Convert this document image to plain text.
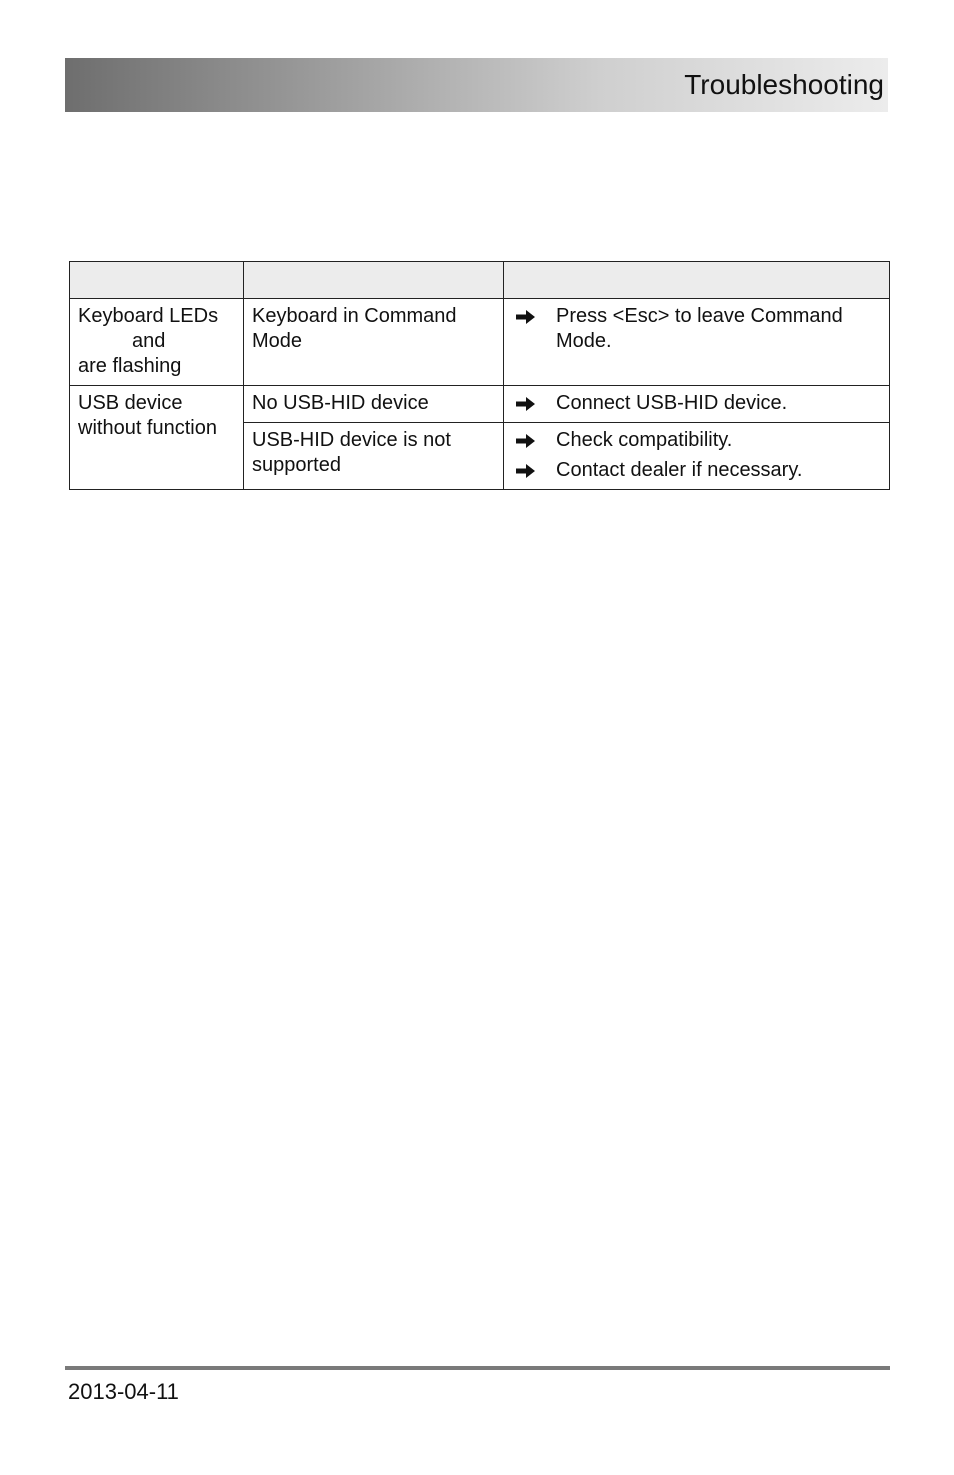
Troubleshooting

Keyboard LEDs
and
are flashing	Keyboard in Command Mode	Press <Esc> to leave Command Mode.

USB device without function	No USB-HID device	Connect USB-HID device.

	USB-HID device is not supported	Check compatibility.
Contact dealer if necessary.
2013-04-11
